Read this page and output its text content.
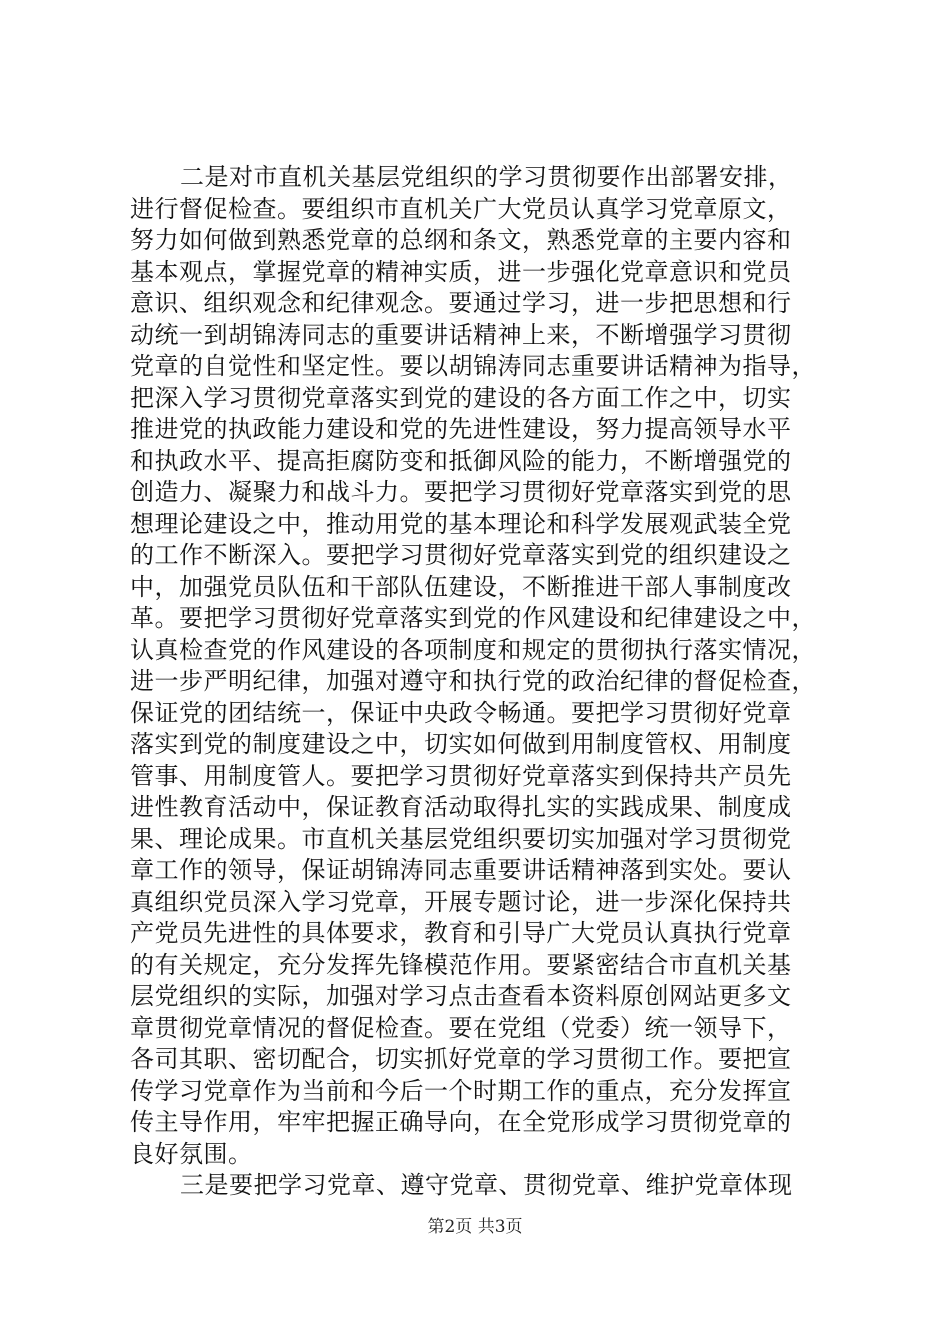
二是对市直机关基层党组织的学习贯彻要作出部署安排，
进行督促检查。要组织市直机关广大党员认真学习党章原文，
努力如何做到熟悉党章的总纲和条文，熟悉党章的主要内容和
基本观点，掌握党章的精神实质，进一步强化党章意识和党员
意识、组织观念和纪律观念。要通过学习，进一步把思想和行
动统一到胡锦涛同志的重要讲话精神上来，不断增强学习贯彻
党章的自觉性和坚定性。要以胡锦涛同志重要讲话精神为指导，
把深入学习贯彻党章落实到党的建设的各方面工作之中，切实
推进党的执政能力建设和党的先进性建设，努力提高领导水平
和执政水平、提高拒腐防变和抵御风险的能力，不断增强党的
创造力、凝聚力和战斗力。要把学习贯彻好党章落实到党的思
想理论建设之中，推动用党的基本理论和科学发展观武装全党
的工作不断深入。要把学习贯彻好党章落实到党的组织建设之
中，加强党员队伍和干部队伍建设，不断推进干部人事制度改
革。要把学习贯彻好党章落实到党的作风建设和纪律建设之中，
认真检查党的作风建设的各项制度和规定的贯彻执行落实情况，
进一步严明纪律，加强对遵守和执行党的政治纪律的督促检查，
保证党的团结统一，保证中央政令畅通。要把学习贯彻好党章
落实到党的制度建设之中，切实如何做到用制度管权、用制度
管事、用制度管人。要把学习贯彻好党章落实到保持共产员先
进性教育活动中，保证教育活动取得扎实的实践成果、制度成
果、理论成果。市直机关基层党组织要切实加强对学习贯彻党
章工作的领导，保证胡锦涛同志重要讲话精神落到实处。要认
真组织党员深入学习党章，开展专题讨论，进一步深化保持共
产党员先进性的具体要求，教育和引导广大党员认真执行党章
的有关规定，充分发挥先锋模范作用。要紧密结合市直机关基
层党组织的实际，加强对学习点击查看本资料原创网站更多文
章贯彻党章情况的督促检查。要在党组（党委）统一领导下，
各司其职、密切配合，切实抓好党章的学习贯彻工作。要把宣
传学习党章作为当前和今后一个时期工作的重点，充分发挥宣
传主导作用，牢牢把握正确导向，在全党形成学习贯彻党章的
良好氛围。
三是要把学习党章、遵守党章、贯彻党章、维护党章体现
第2页 共3页
